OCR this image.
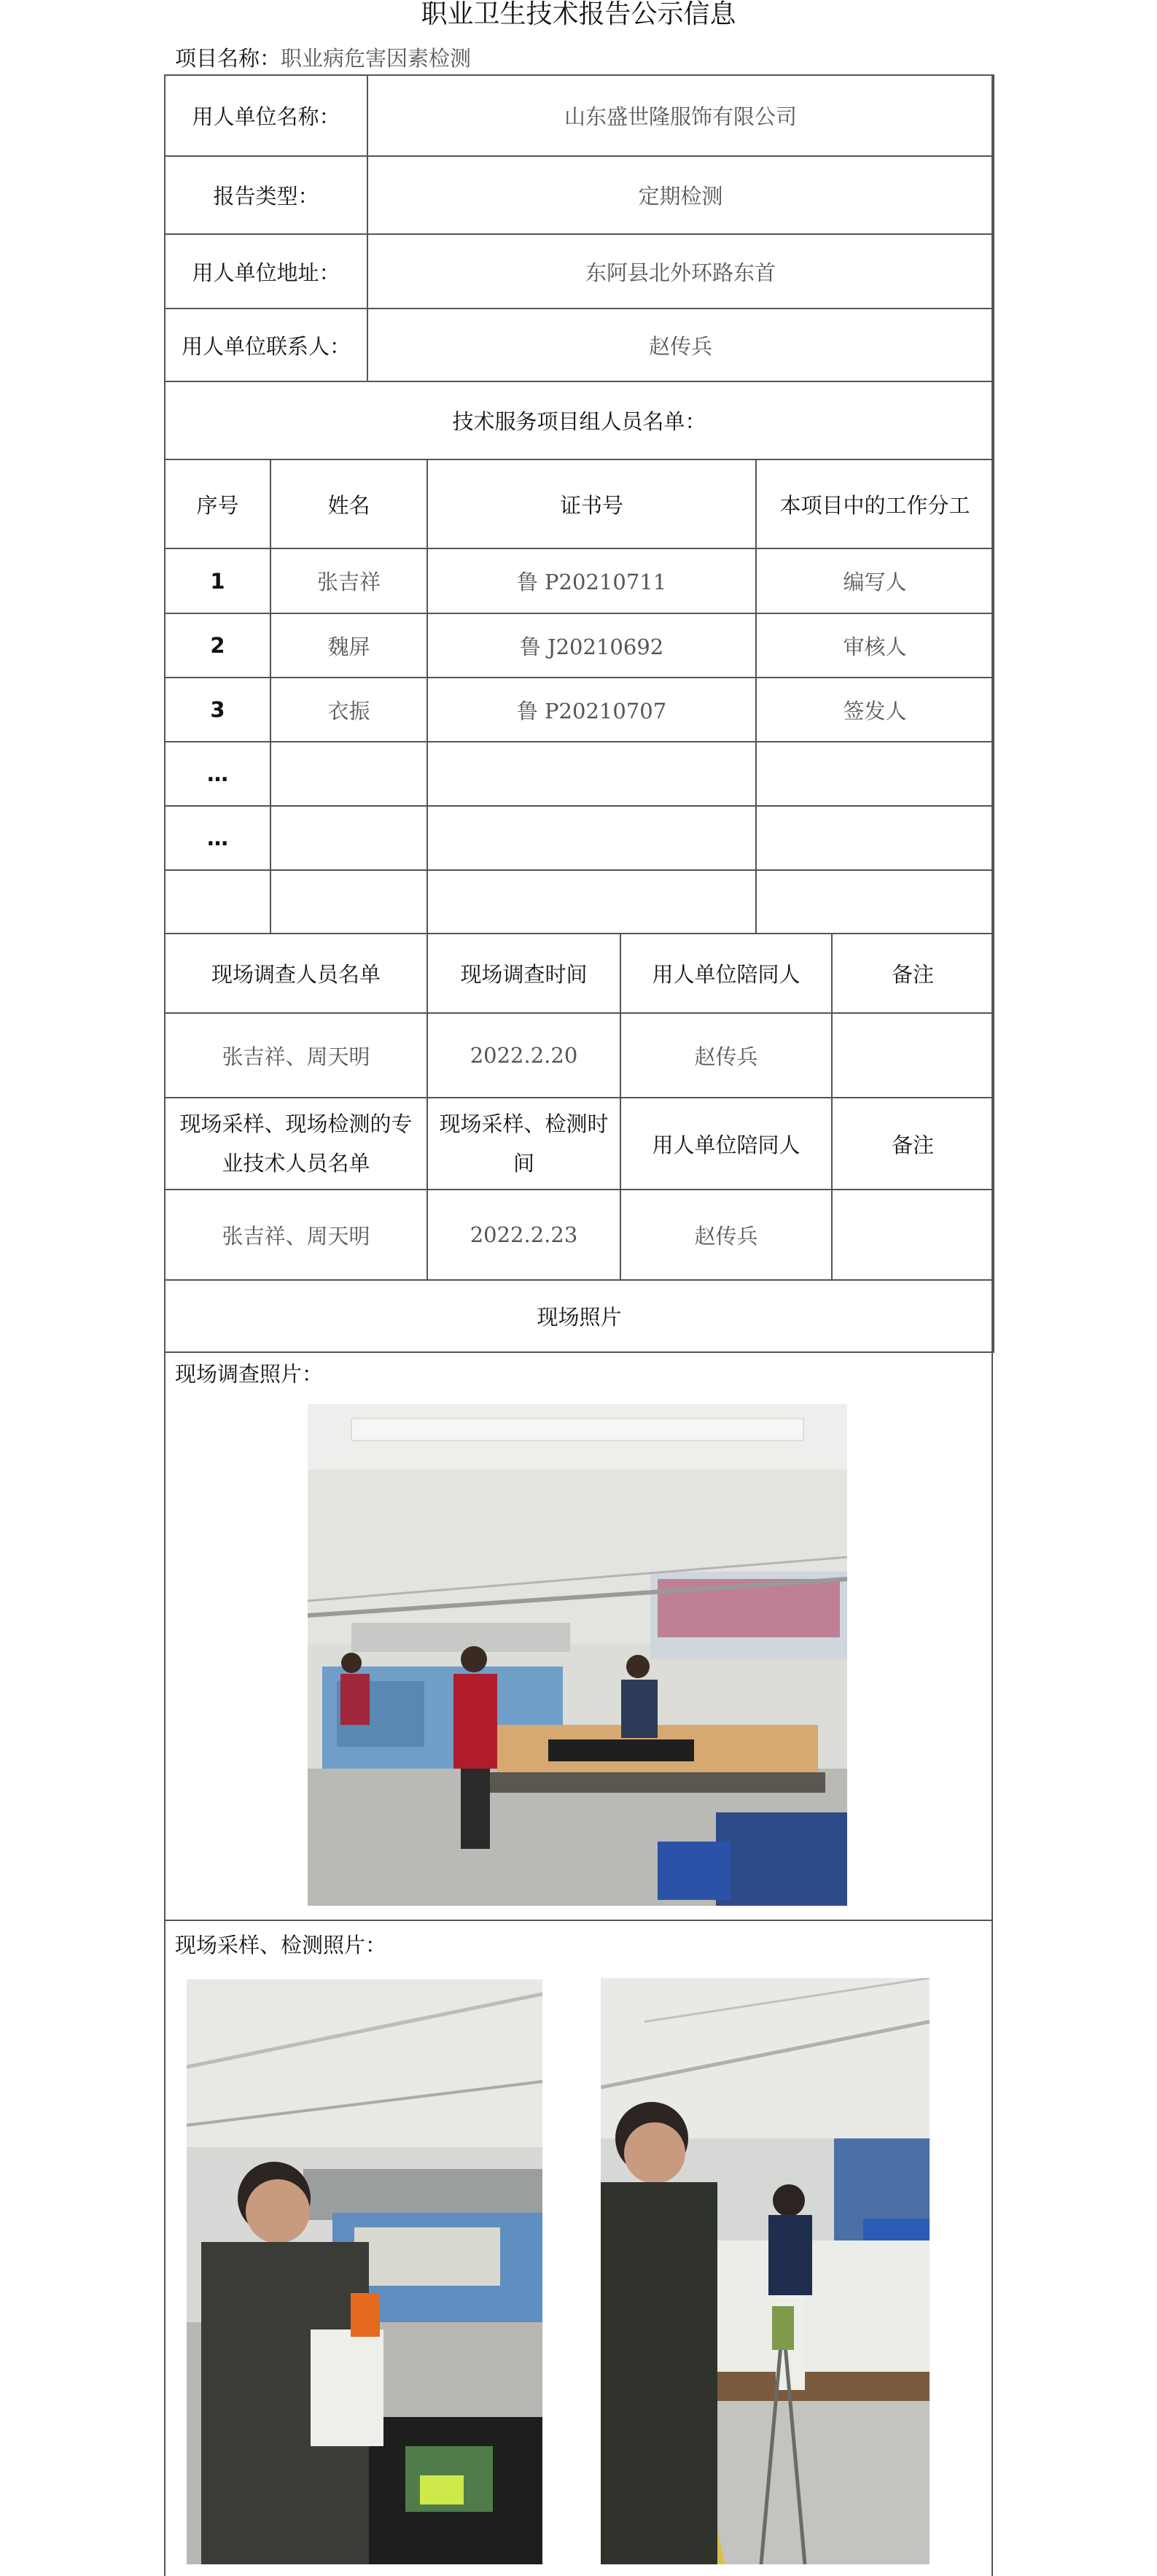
职业卫生技术报告公示信息
项目名称：职业病危害因素检测
用人单位名称：	山东盛世隆服饰有限公司
报告类型：	定期检测
用人单位地址：	东阿县北外环路东首
用人单位联系人：	赵传兵
技术服务项目组人员名单：	
序号	姓名	证书号	本项目中的工作分工
1	张吉祥	鲁 P20210711	编写人
2	魏屏	鲁 J20210692	审核人
3	衣振	鲁 P20210707	签发人
…			
…			

现场调查人员名单	现场调查时间	用人单位陪同人	备注
张吉祥、周天明	2022.2.20	赵传兵	
现场采样、现场检测的专业技术人员名单	现场采样、检测时间	用人单位陪同人	备注
张吉祥、周天明	2022.2.23	赵传兵	
现场照片			
现场调查照片：
现场采样、检测照片：
